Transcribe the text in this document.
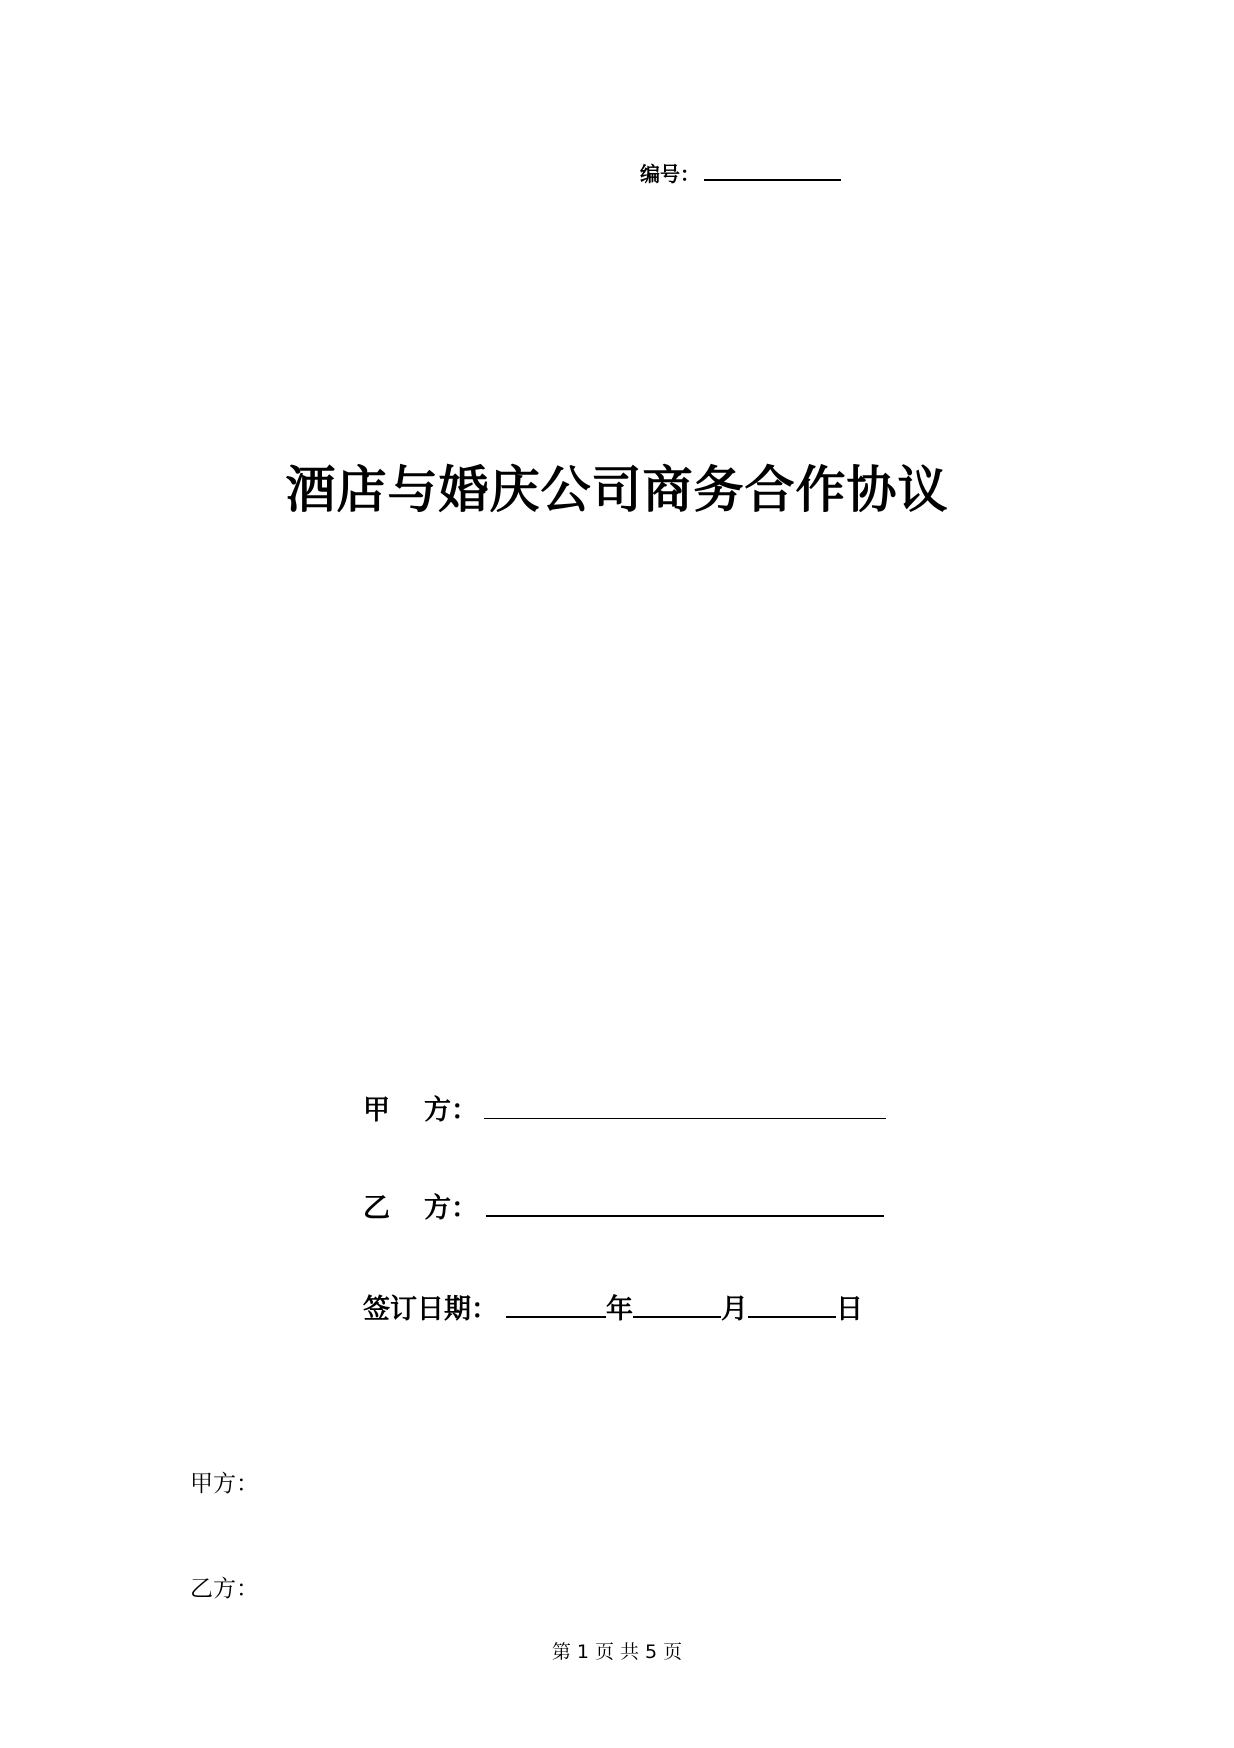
编号：
酒店与婚庆公司商务合作协议
甲 方：
乙 方：
签订日期：	年	月	日
甲方：
乙方：
第 1 页 共 5 页
